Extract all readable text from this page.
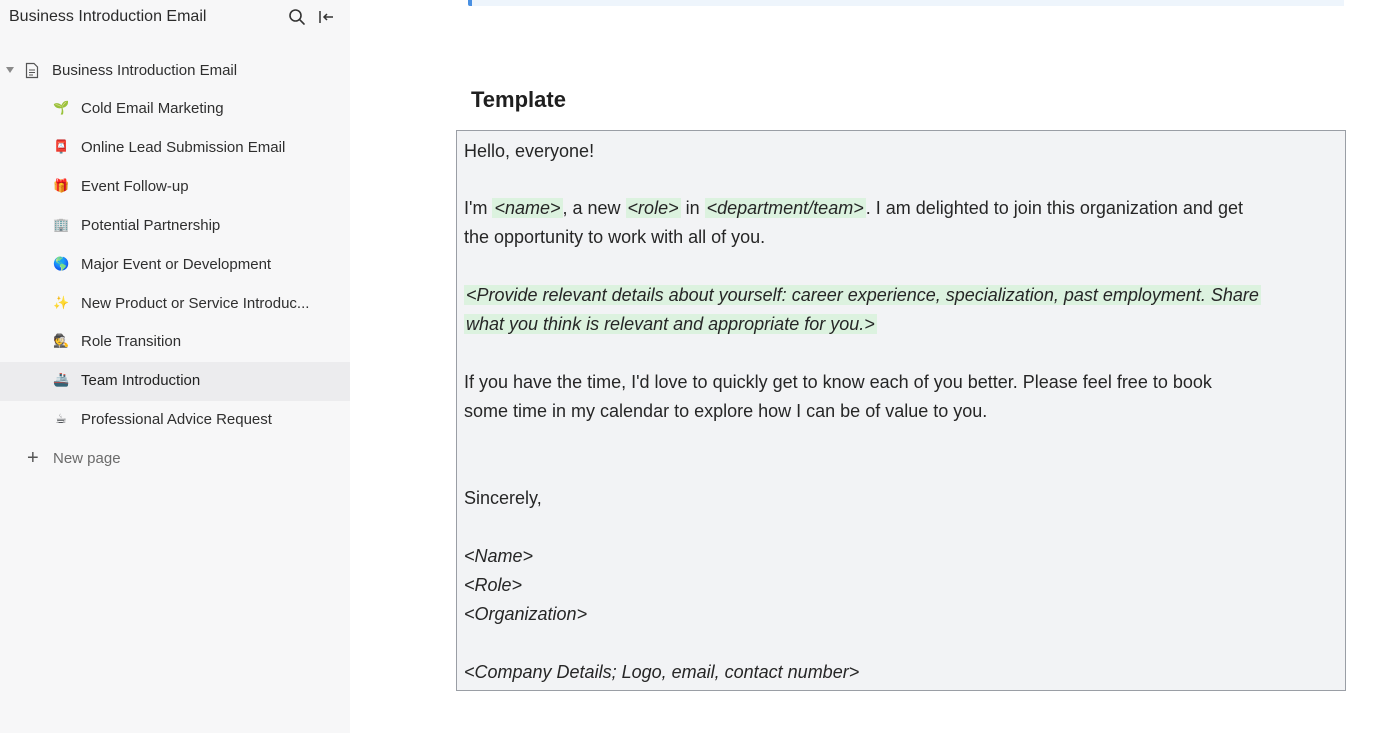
Business Introduction Email
Business Introduction Email
🌱 Cold Email Marketing
📮 Online Lead Submission Email
🎁 Event Follow-up
🏢 Potential Partnership
🌎 Major Event or Development
✨ New Product or Service Introduc...
🕵 Role Transition
🚢 Team Introduction
☕ Professional Advice Request
+ New page
Template
Hello, everyone!
I'm <name> , a new <role> in <department/team> . I am delighted to join this organization and get
the opportunity to work with all of you.
<Provide relevant details about yourself: career experience, specialization, past employment. Share
what you think is relevant and appropriate for you.>
If you have the time, I'd love to quickly get to know each of you better. Please feel free to book
some time in my calendar to explore how I can be of value to you.
Sincerely,
<Name>
<Role>
<Organization>
<Company Details; Logo, email, contact number>
